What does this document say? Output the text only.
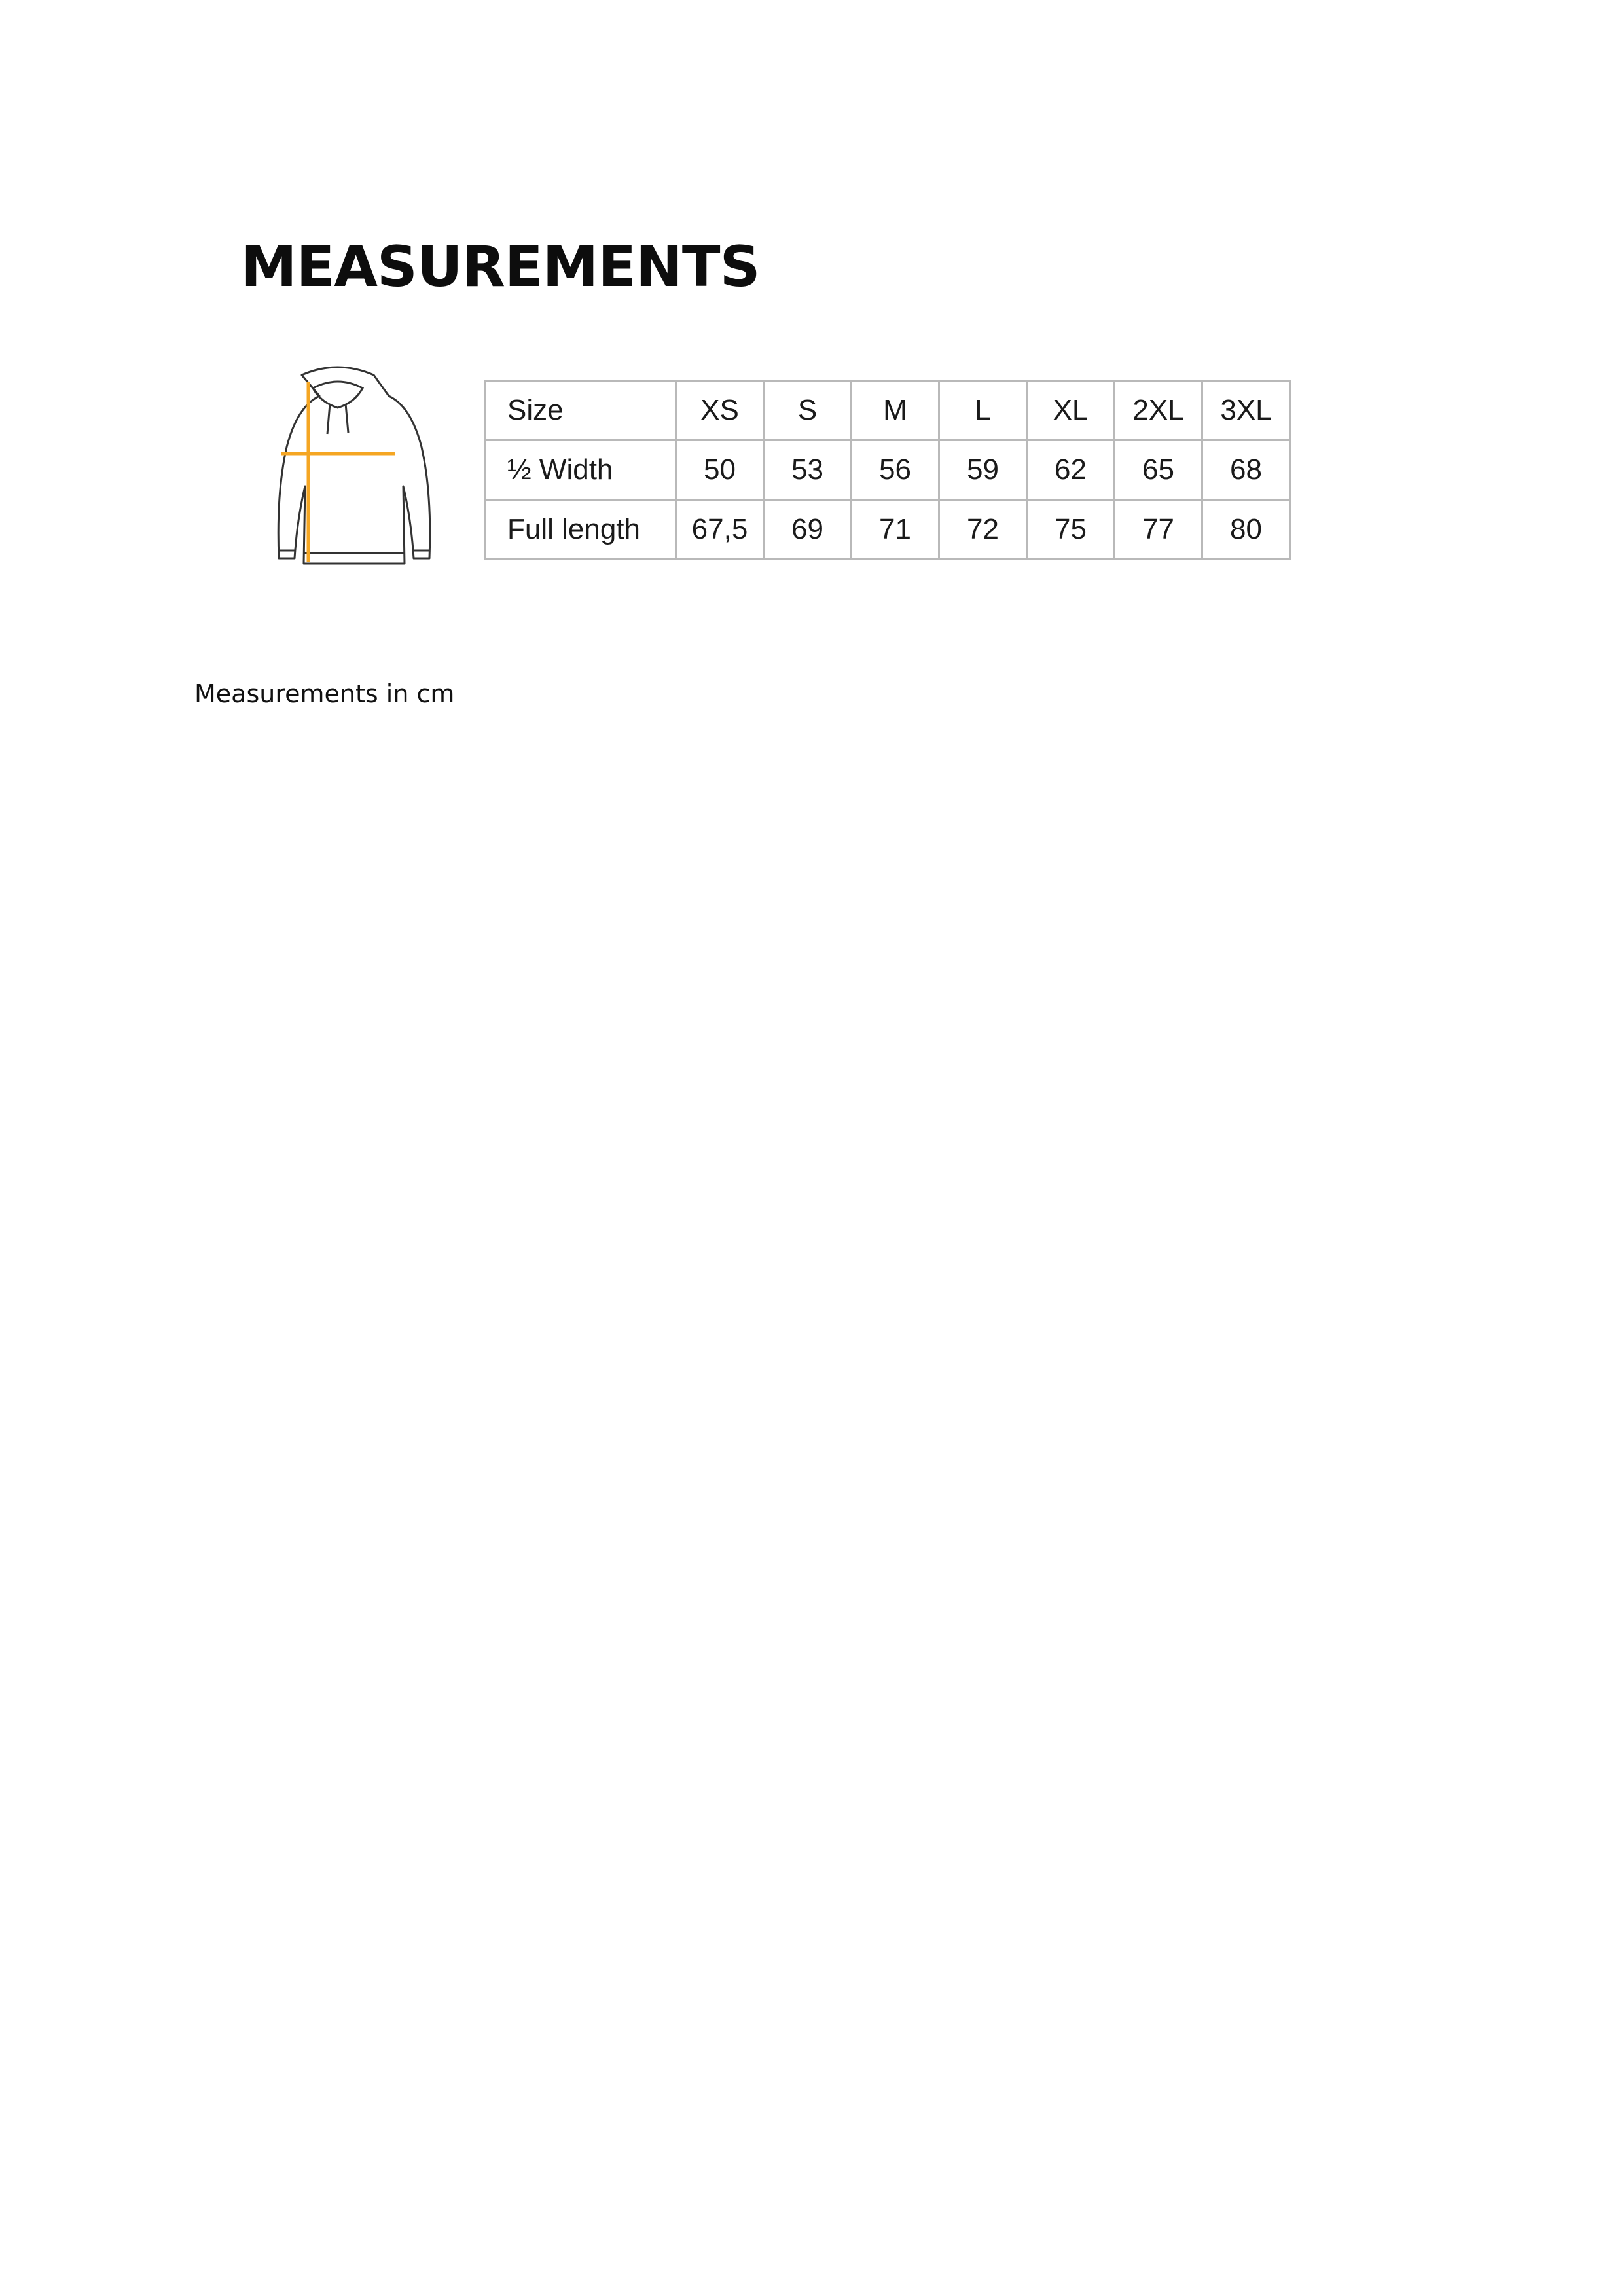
MEASUREMENTS
Size	XS	S	M	L	XL	2XL	3XL
½ Width	50	53	56	59	62	65	68
Full length	67,5	69	71	72	75	77	80

Measurements in cm
